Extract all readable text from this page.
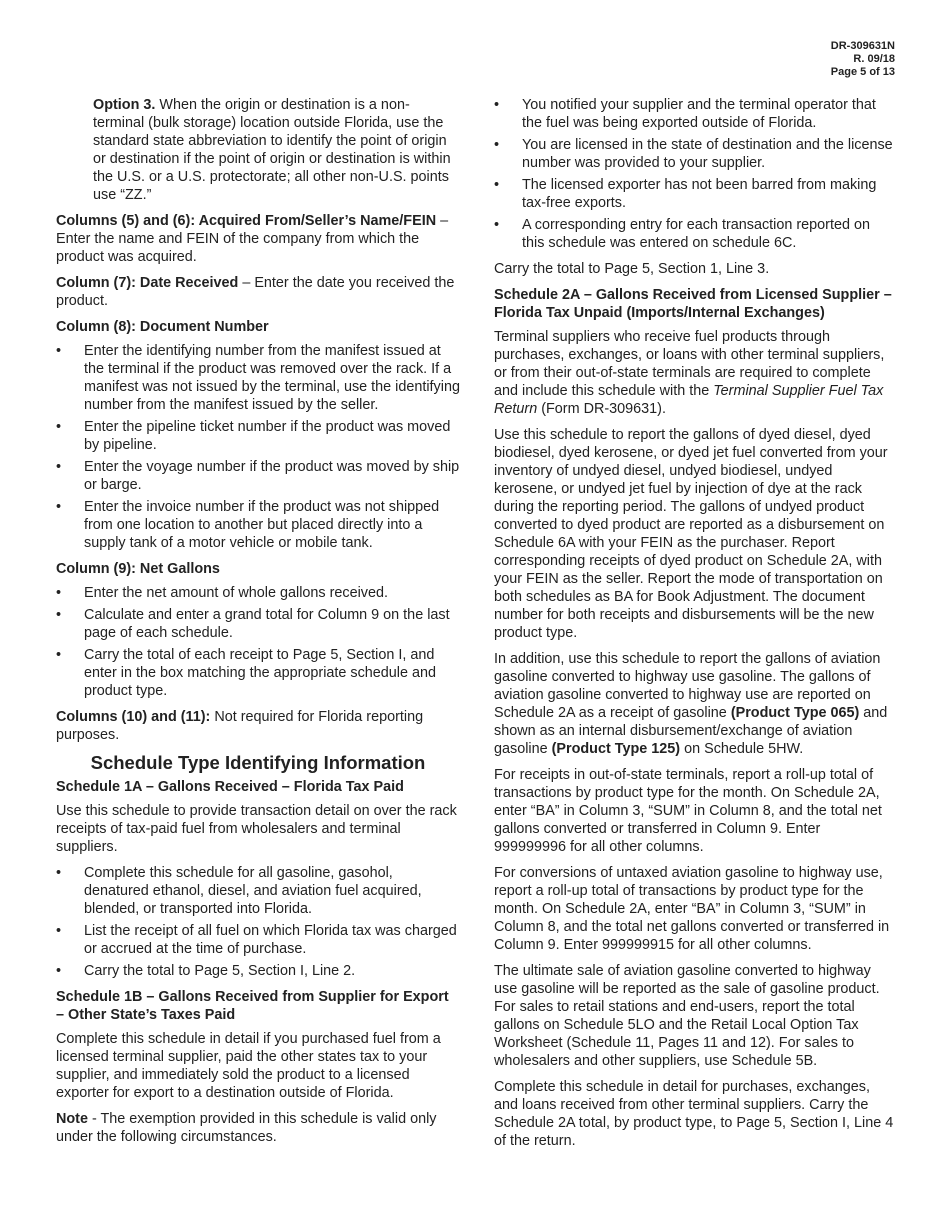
DR-309631N
R. 09/18
Page 5 of 13

Option 3. When the origin or destination is a non-terminal (bulk storage) location outside Florida, use the standard state abbreviation to identify the point of origin or destination if the point of origin or destination is within the U.S. or a U.S. protectorate; all other non-U.S. points use “ZZ.”

Columns (5) and (6): Acquired From/Seller’s Name/FEIN – Enter the name and FEIN of the company from which the product was acquired.

Column (7): Date Received – Enter the date you received the product.

Column (8): Document Number
• Enter the identifying number from the manifest issued at the terminal if the product was removed over the rack. If a manifest was not issued by the terminal, use the identifying number from the manifest issued by the seller.
• Enter the pipeline ticket number if the product was moved by pipeline.
• Enter the voyage number if the product was moved by ship or barge.
• Enter the invoice number if the product was not shipped from one location to another but placed directly into a supply tank of a motor vehicle or mobile tank.
Column (9): Net Gallons
• Enter the net amount of whole gallons received.
• Calculate and enter a grand total for Column 9 on the last page of each schedule.
• Carry the total of each receipt to Page 5, Section I, and enter in the box matching the appropriate schedule and product type.

Columns (10) and (11): Not required for Florida reporting purposes.

Schedule Type Identifying Information
Schedule 1A – Gallons Received – Florida Tax Paid

Use this schedule to provide transaction detail on over the rack receipts of tax-paid fuel from wholesalers and terminal suppliers.

• Complete this schedule for all gasoline, gasohol, denatured ethanol, diesel, and aviation fuel acquired, blended, or transported into Florida.
• List the receipt of all fuel on which Florida tax was charged or accrued at the time of purchase.
• Carry the total to Page 5, Section I, Line 2.
Schedule 1B – Gallons Received from Supplier for Export – Other State’s Taxes Paid

Complete this schedule in detail if you purchased fuel from a licensed terminal supplier, paid the other states tax to your supplier, and immediately sold the product to a licensed exporter for export to a destination outside of Florida.

Note - The exemption provided in this schedule is valid only under the following circumstances.

• You notified your supplier and the terminal operator that the fuel was being exported outside of Florida.
• You are licensed in the state of destination and the license number was provided to your supplier.
• The licensed exporter has not been barred from making tax-free exports.
• A corresponding entry for each transaction reported on this schedule was entered on schedule 6C.

Carry the total to Page 5, Section 1, Line 3.

Schedule 2A – Gallons Received from Licensed Supplier – Florida Tax Unpaid (Imports/Internal Exchanges)

Terminal suppliers who receive fuel products through purchases, exchanges, or loans with other terminal suppliers, or from their out-of-state terminals are required to complete and include this schedule with the Terminal Supplier Fuel Tax Return (Form DR-309631).

Use this schedule to report the gallons of dyed diesel, dyed biodiesel, dyed kerosene, or dyed jet fuel converted from your inventory of undyed diesel, undyed biodiesel, undyed kerosene, or undyed jet fuel by injection of dye at the rack during the reporting period. The gallons of undyed product converted to dyed product are reported as a disbursement on Schedule 6A with your FEIN as the purchaser. Report corresponding receipts of dyed product on Schedule 2A, with your FEIN as the seller. Report the mode of transportation on both schedules as BA for Book Adjustment. The document number for both receipts and disbursements will be the new product type.

In addition, use this schedule to report the gallons of aviation gasoline converted to highway use gasoline. The gallons of aviation gasoline converted to highway use are reported on Schedule 2A as a receipt of gasoline (Product Type 065) and shown as an internal disbursement/exchange of aviation gasoline (Product Type 125) on Schedule 5HW.

For receipts in out-of-state terminals, report a roll-up total of transactions by product type for the month. On Schedule 2A, enter “BA” in Column 3, “SUM” in Column 8, and the total net gallons converted or transferred in Column 9. Enter 999999996 for all other columns.

For conversions of untaxed aviation gasoline to highway use, report a roll-up total of transactions by product type for the month. On Schedule 2A, enter “BA” in Column 3, “SUM” in Column 8, and the total net gallons converted or transferred in Column 9. Enter 999999915 for all other columns.

The ultimate sale of aviation gasoline converted to highway use gasoline will be reported as the sale of gasoline product. For sales to retail stations and end-users, report the total gallons on Schedule 5LO and the Retail Local Option Tax Worksheet (Schedule 11, Pages 11 and 12). For sales to wholesalers and other suppliers, use Schedule 5B.

Complete this schedule in detail for purchases, exchanges, and loans received from other terminal suppliers. Carry the Schedule 2A total, by product type, to Page 5, Section I, Line 4 of the return.
